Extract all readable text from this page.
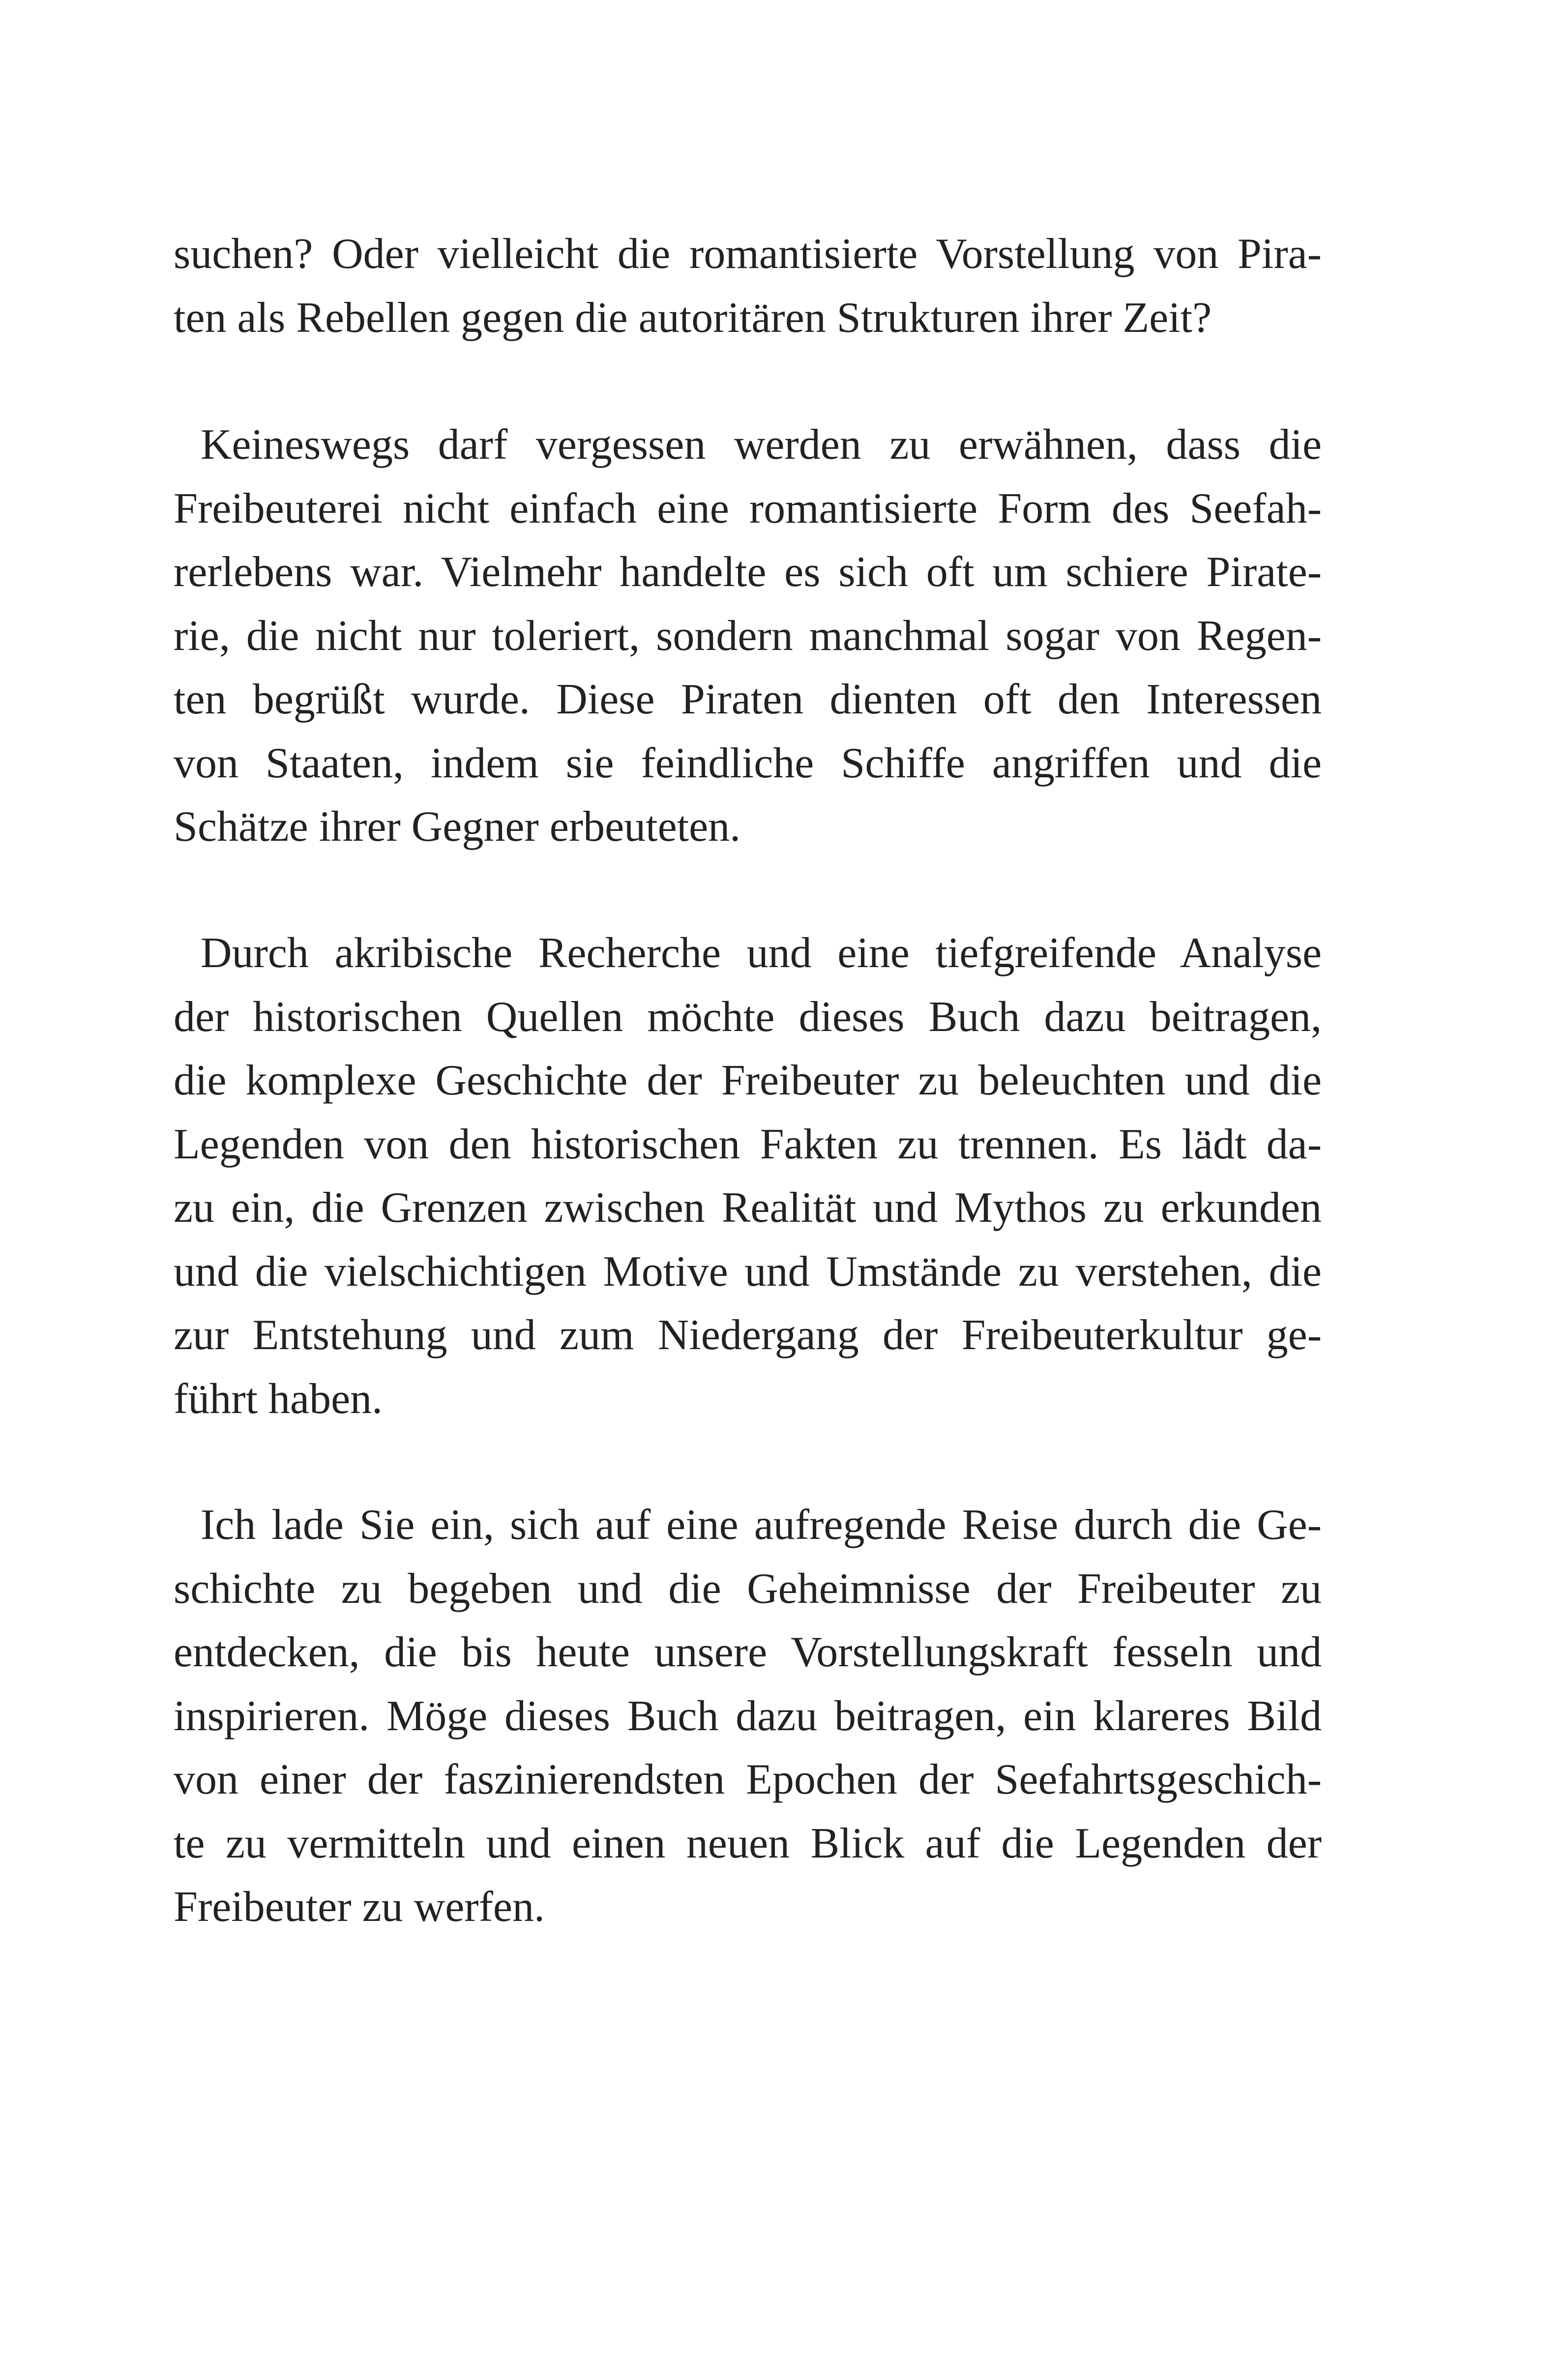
suchen? Oder vielleicht die romantisierte Vorstellung von Pira-
ten als Rebellen gegen die autoritären Strukturen ihrer Zeit?
Keineswegs darf vergessen werden zu erwähnen, dass die
Freibeuterei nicht einfach eine romantisierte Form des Seefah-
rerlebens war. Vielmehr handelte es sich oft um schiere Pirate-
rie, die nicht nur toleriert, sondern manchmal sogar von Regen-
ten begrüßt wurde. Diese Piraten dienten oft den Interessen
von Staaten, indem sie feindliche Schiffe angriffen und die
Schätze ihrer Gegner erbeuteten.
Durch akribische Recherche und eine tiefgreifende Analyse
der historischen Quellen möchte dieses Buch dazu beitragen,
die komplexe Geschichte der Freibeuter zu beleuchten und die
Legenden von den historischen Fakten zu trennen. Es lädt da-
zu ein, die Grenzen zwischen Realität und Mythos zu erkunden
und die vielschichtigen Motive und Umstände zu verstehen, die
zur Entstehung und zum Niedergang der Freibeuterkultur ge-
führt haben.
Ich lade Sie ein, sich auf eine aufregende Reise durch die Ge-
schichte zu begeben und die Geheimnisse der Freibeuter zu
entdecken, die bis heute unsere Vorstellungskraft fesseln und
inspirieren. Möge dieses Buch dazu beitragen, ein klareres Bild
von einer der faszinierendsten Epochen der Seefahrtsgeschich-
te zu vermitteln und einen neuen Blick auf die Legenden der
Freibeuter zu werfen.
